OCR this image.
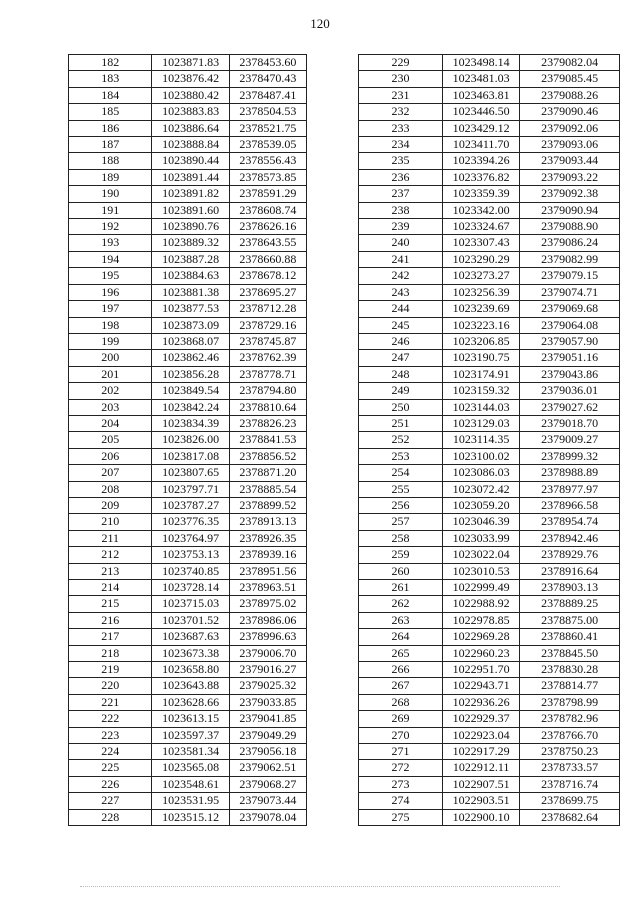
120
182	1023871.83	2378453.60
183	1023876.42	2378470.43
184	1023880.42	2378487.41
185	1023883.83	2378504.53
186	1023886.64	2378521.75
187	1023888.84	2378539.05
188	1023890.44	2378556.43
189	1023891.44	2378573.85
190	1023891.82	2378591.29
191	1023891.60	2378608.74
192	1023890.76	2378626.16
193	1023889.32	2378643.55
194	1023887.28	2378660.88
195	1023884.63	2378678.12
196	1023881.38	2378695.27
197	1023877.53	2378712.28
198	1023873.09	2378729.16
199	1023868.07	2378745.87
200	1023862.46	2378762.39
201	1023856.28	2378778.71
202	1023849.54	2378794.80
203	1023842.24	2378810.64
204	1023834.39	2378826.23
205	1023826.00	2378841.53
206	1023817.08	2378856.52
207	1023807.65	2378871.20
208	1023797.71	2378885.54
209	1023787.27	2378899.52
210	1023776.35	2378913.13
211	1023764.97	2378926.35
212	1023753.13	2378939.16
213	1023740.85	2378951.56
214	1023728.14	2378963.51
215	1023715.03	2378975.02
216	1023701.52	2378986.06
217	1023687.63	2378996.63
218	1023673.38	2379006.70
219	1023658.80	2379016.27
220	1023643.88	2379025.32
221	1023628.66	2379033.85
222	1023613.15	2379041.85
223	1023597.37	2379049.29
224	1023581.34	2379056.18
225	1023565.08	2379062.51
226	1023548.61	2379068.27
227	1023531.95	2379073.44
228	1023515.12	2379078.04
229	1023498.14	2379082.04
230	1023481.03	2379085.45
231	1023463.81	2379088.26
232	1023446.50	2379090.46
233	1023429.12	2379092.06
234	1023411.70	2379093.06
235	1023394.26	2379093.44
236	1023376.82	2379093.22
237	1023359.39	2379092.38
238	1023342.00	2379090.94
239	1023324.67	2379088.90
240	1023307.43	2379086.24
241	1023290.29	2379082.99
242	1023273.27	2379079.15
243	1023256.39	2379074.71
244	1023239.69	2379069.68
245	1023223.16	2379064.08
246	1023206.85	2379057.90
247	1023190.75	2379051.16
248	1023174.91	2379043.86
249	1023159.32	2379036.01
250	1023144.03	2379027.62
251	1023129.03	2379018.70
252	1023114.35	2379009.27
253	1023100.02	2378999.32
254	1023086.03	2378988.89
255	1023072.42	2378977.97
256	1023059.20	2378966.58
257	1023046.39	2378954.74
258	1023033.99	2378942.46
259	1023022.04	2378929.76
260	1023010.53	2378916.64
261	1022999.49	2378903.13
262	1022988.92	2378889.25
263	1022978.85	2378875.00
264	1022969.28	2378860.41
265	1022960.23	2378845.50
266	1022951.70	2378830.28
267	1022943.71	2378814.77
268	1022936.26	2378798.99
269	1022929.37	2378782.96
270	1022923.04	2378766.70
271	1022917.29	2378750.23
272	1022912.11	2378733.57
273	1022907.51	2378716.74
274	1022903.51	2378699.75
275	1022900.10	2378682.64
